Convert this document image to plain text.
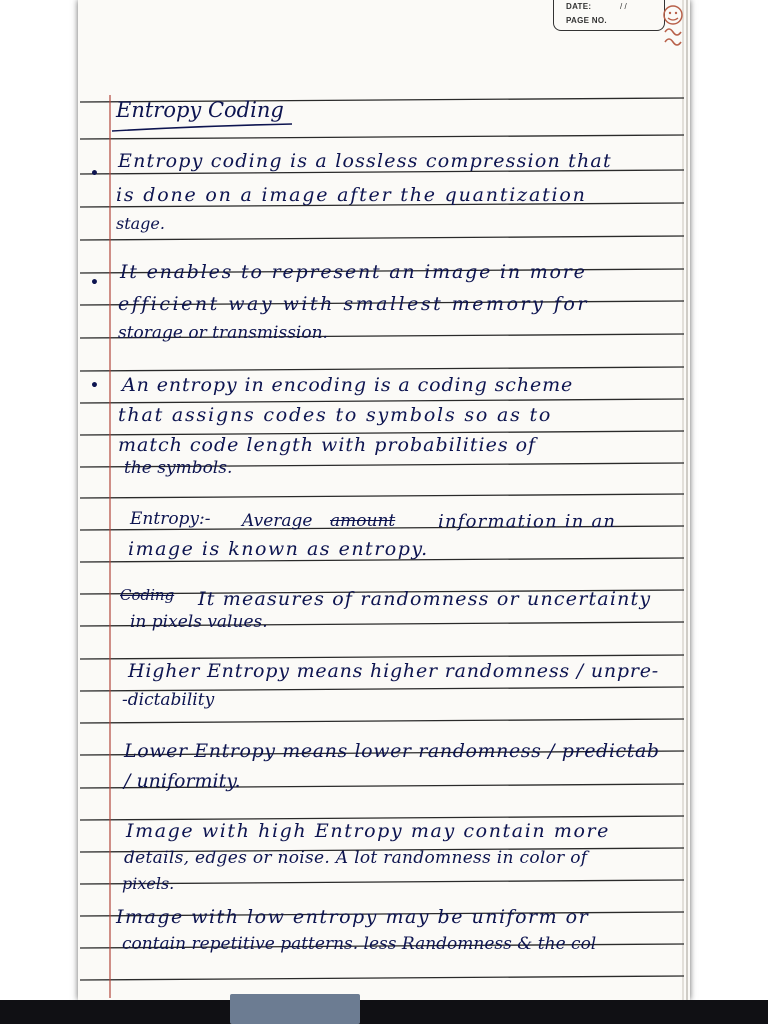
DATE:	/ /
PAGE NO.
Entropy Coding
•
Entropy coding is a lossless compression that
is done on a image after the quantization
stage.
• It enables to represent an image in more
efficient way with smallest memory for
storage or transmission.
• An entropy in encoding is a coding scheme
that assigns codes to symbols so as to
match code length with probabilities of
the symbols.
Entropy:- Average amount information in an
image is known as entropy.
Coding It measures of randomness or uncertainty
in pixels values.
Higher Entropy means higher randomness / unpre-
-dictability
Lower Entropy means lower randomness / predictab
/ uniformity.
Image with high Entropy may contain more
details, edges or noise. A lot randomness in color of
pixels.
Image with low entropy may be uniform or
contain repetitive patterns. less Randomness & the col
